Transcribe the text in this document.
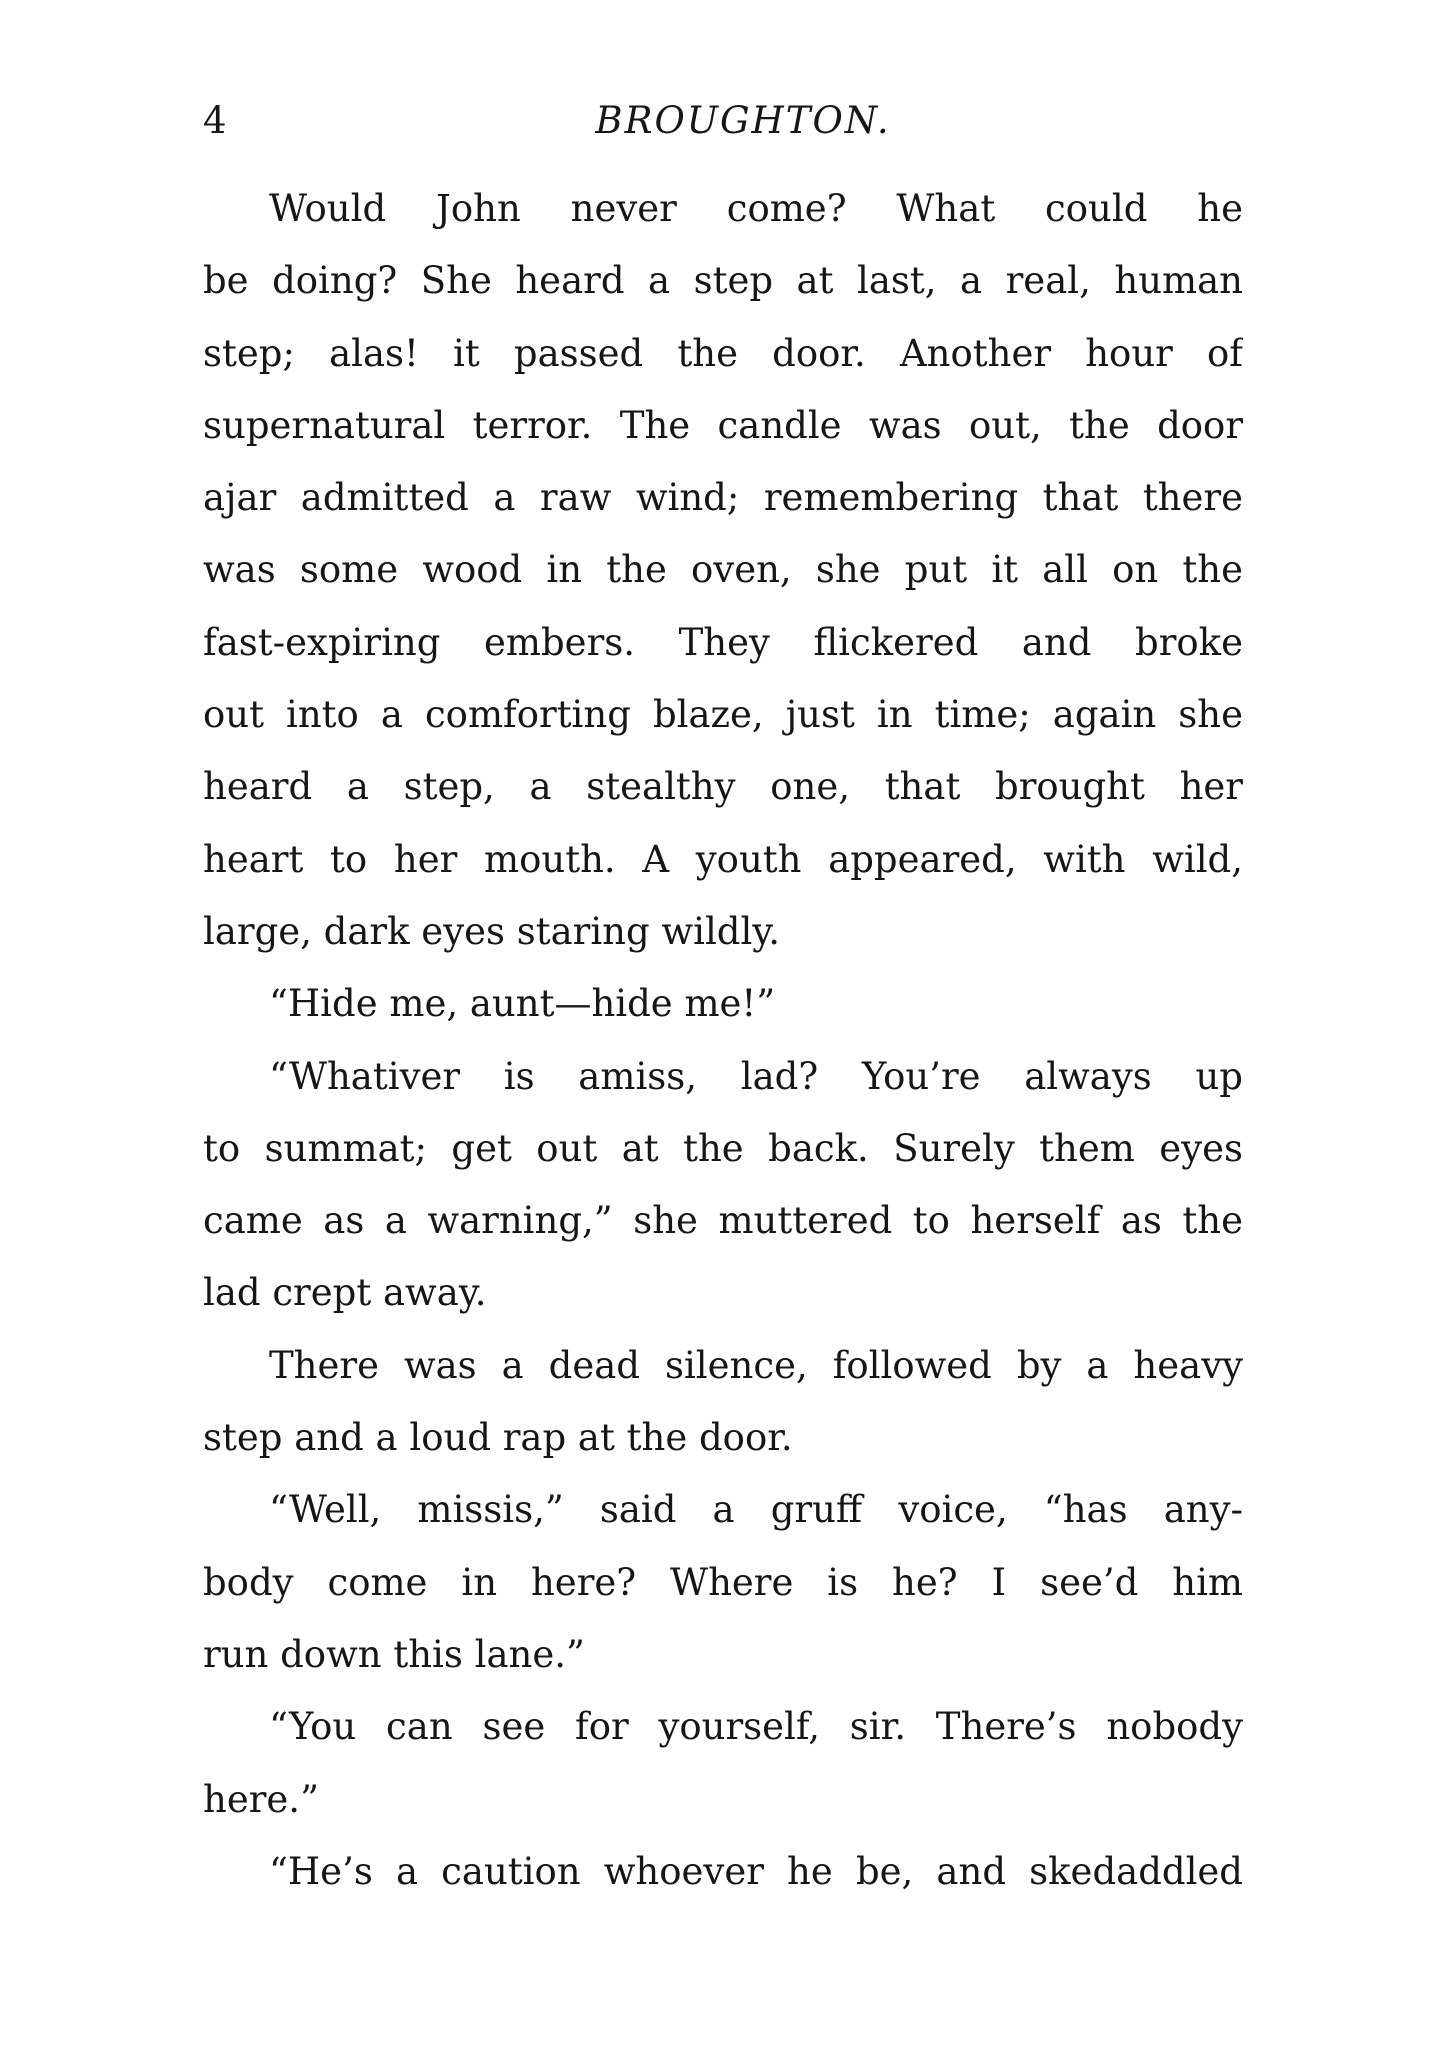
4	BROUGHTON.
Would John never come? What could he
be doing? She heard a step at last, a real, human
step; alas! it passed the door. Another hour of
supernatural terror. The candle was out, the door
ajar admitted a raw wind; remembering that there
was some wood in the oven, she put it all on the
fast-expiring embers. They flickered and broke
out into a comforting blaze, just in time; again she
heard a step, a stealthy one, that brought her
heart to her mouth. A youth appeared, with wild,
large, dark eyes staring wildly.
“Hide me, aunt—hide me!”
“Whativer is amiss, lad? You’re always up
to summat; get out at the back. Surely them eyes
came as a warning,” she muttered to herself as the
lad crept away.
There was a dead silence, followed by a heavy
step and a loud rap at the door.
“Well, missis,” said a gruff voice, “has any-
body come in here? Where is he? I see’d him
run down this lane.”
“You can see for yourself, sir. There’s nobody
here.”
“He’s a caution whoever he be, and skedaddled
